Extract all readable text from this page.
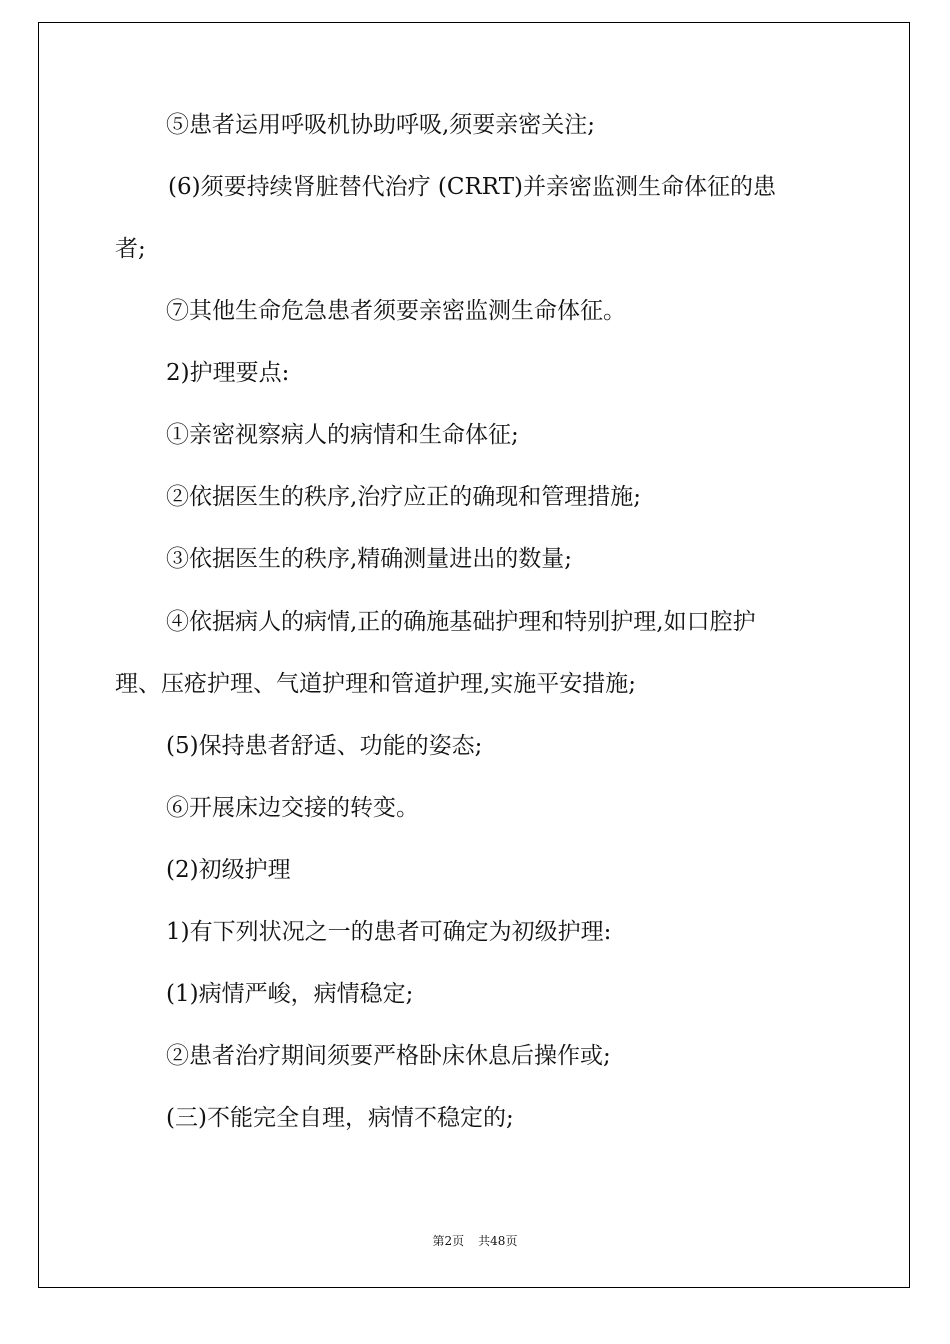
⑤患者运用呼吸机协助呼吸,须要亲密关注;

(6)须要持续肾脏替代治疗 (CRRT)并亲密监测生命体征的患

者;

⑦其他生命危急患者须要亲密监测生命体征。

2)护理要点:

①亲密视察病人的病情和生命体征;

②依据医生的秩序,治疗应正的确现和管理措施;

③依据医生的秩序,精确测量进出的数量;

④依据病人的病情,正的确施基础护理和特别护理,如口腔护

理、压疮护理、气道护理和管道护理,实施平安措施;

(5)保持患者舒适、功能的姿态;

⑥开展床边交接的转变。

(2)初级护理

1)有下列状况之一的患者可确定为初级护理:

(1)病情严峻，病情稳定;

②患者治疗期间须要严格卧床休息后操作或;

(三)不能完全自理，病情不稳定的;

第2页 共48页
